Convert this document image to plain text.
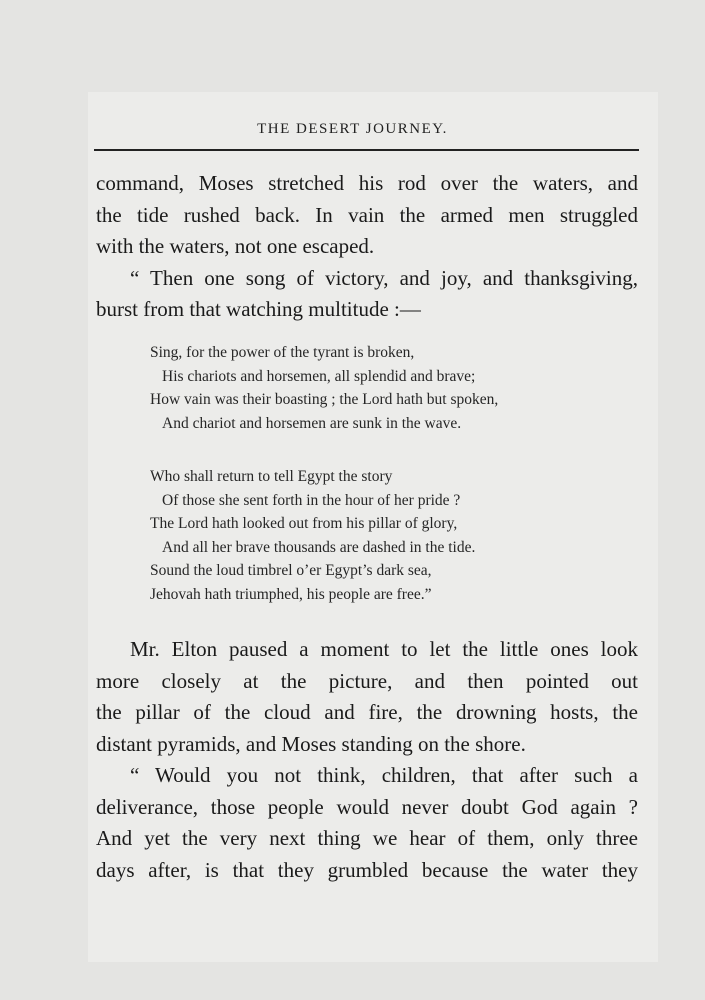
THE DESERT JOURNEY.

command, Moses stretched his rod over the waters, and
the tide rushed back. In vain the armed men struggled
with the waters, not one escaped.

“ Then one song of victory, and joy, and thanksgiving,
burst from that watching multitude :—

Sing, for the power of the tyrant is broken,
His chariots and horsemen, all splendid and brave;
How vain was their boasting ; the Lord hath but spoken,
And chariot and horsemen are sunk in the wave.
Who shall return to tell Egypt the story
Of those she sent forth in the hour of her pride ?
The Lord hath looked out from his pillar of glory,
And all her brave thousands are dashed in the tide.
Sound the loud timbrel o’er Egypt’s dark sea,
Jehovah hath triumphed, his people are free.”

Mr. Elton paused a moment to let the little ones look
more closely at the picture, and then pointed out
the pillar of the cloud and fire, the drowning hosts, the
distant pyramids, and Moses standing on the shore.

“ Would you not think, children, that after such a
deliverance, those people would never doubt God again ?
And yet the very next thing we hear of them, only three
days after, is that they grumbled because the water they
